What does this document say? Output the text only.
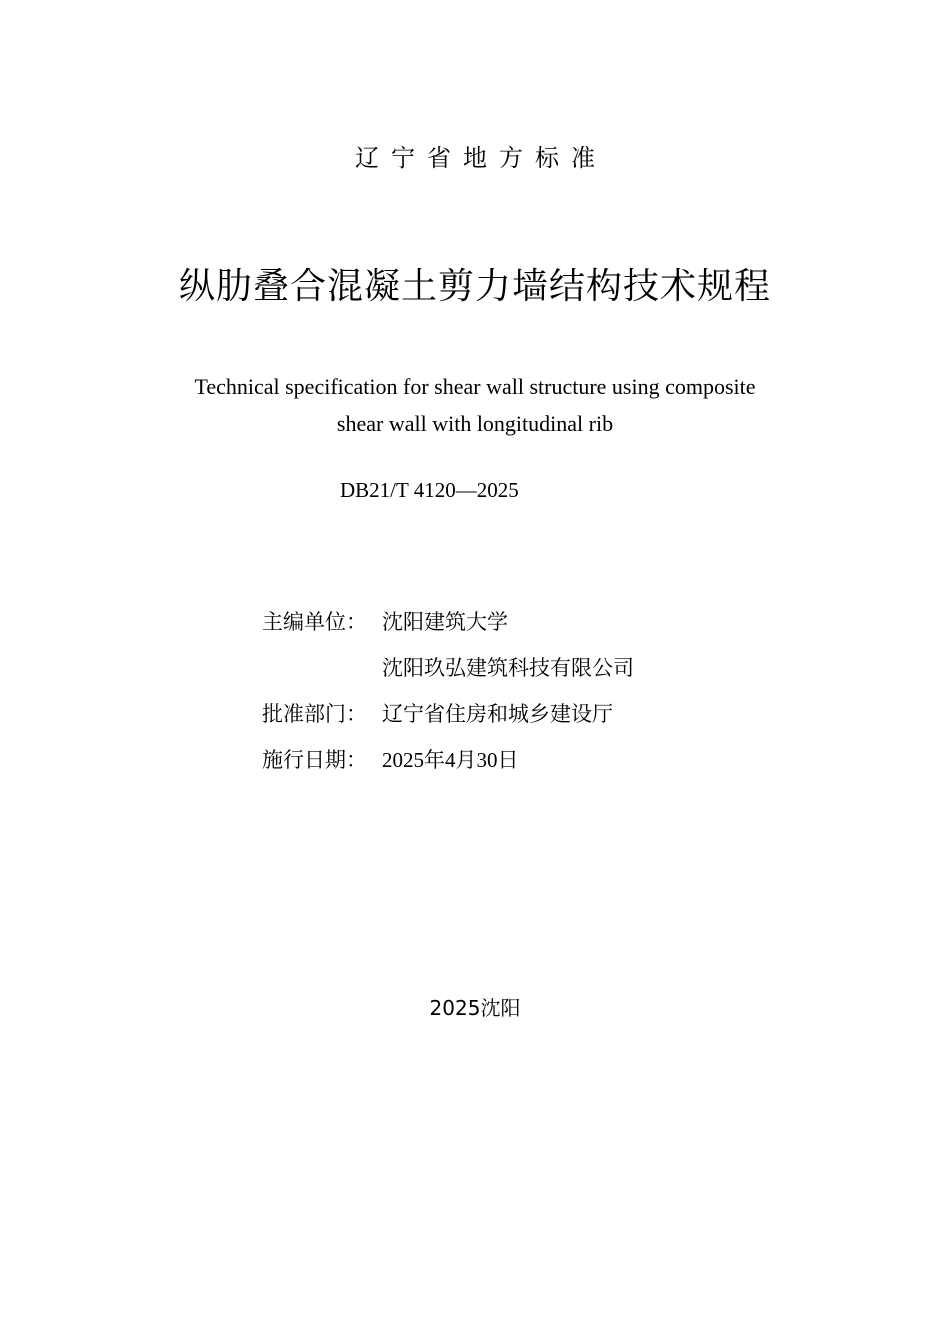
辽宁省地方标准
纵肋叠合混凝土剪力墙结构技术规程
Technical specification for shear wall structure using composite
shear wall with longitudinal rib
DB21/T 4120—2025
主编单位： 沈阳建筑大学
沈阳玖弘建筑科技有限公司
批准部门： 辽宁省住房和城乡建设厅
施行日期： 2025年4月30日
2025沈阳
